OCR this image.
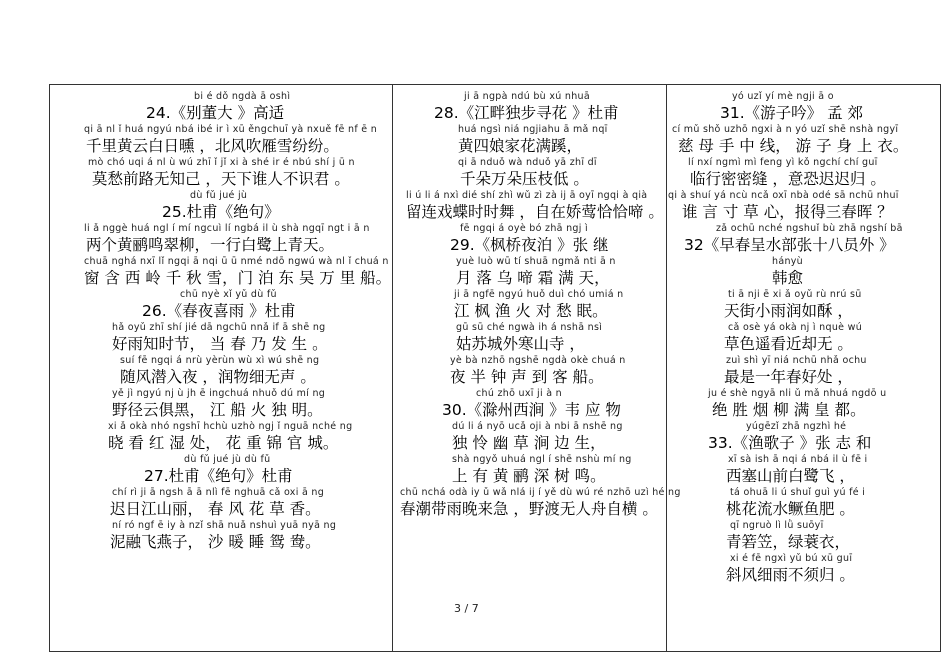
bi é dǒ ngdà ā oshì
24.《别董大 》高适
qi ā nl ǐ huá ngyú nbá ibé ir ì xū ěngchuī yà nxuě fē nf ē n
千里黄云白日曛 ，北风吹雁雪纷纷。
mò chó uqi á nl ù wú zhī ǐ jǐ xi à shé ir é nbú shí j ū n
莫愁前路无知己 ，天下谁人不识君 。
dù fǔ jué jù
25.杜甫《绝句》
li ǎ nggè huá ngl í mí ngcuì lí ngbá il ù shà ngqī ngt i ā n
两个黄鹂鸣翠柳，一行白鹭上青天。
chuā nghá nxī lǐ ngqi ā nqi ū ū nmé ndō ngwú wà nl ǐ chuá n
窗 含 西 岭 千 秋 雪，门 泊 东 吴 万 里 船。
chū nyè xǐ yǔ dù fǔ
26.《春夜喜雨 》杜甫
hǎ oyǔ zhī shí jié dā ngchū nnǎ if ā shē ng
好雨知时节， 当 春 乃 发 生 。
suí fē ngqi á nrù yèrùn wù xì wú shē ng
随风潜入夜 ，润物细无声 。
yě jì ngyú nj ù jh ē ingchuá nhuǒ dú mí ng
野径云俱黑， 江 船 火 独 明。
xi ǎ okà nhó ngshī hchù uzhò ngj ǐ nguā nché ng
晓 看 红 湿 处， 花 重 锦 官 城。
dù fǔ jué jù dù fǔ
27.杜甫《绝句》杜甫
chí rì ji ā ngsh ā ā nlì fē nghuā cǎ oxi ā ng
迟日江山丽， 春 风 花 草 香。
ní ró ngf ē iy à nzǐ shā nuǎ nshuì yuā nyā ng
泥融飞燕子， 沙 暖 睡 鸳 鸯。
ji ā ngpà ndú bù xú nhuā
28.《江畔独步寻花 》杜甫
huá ngsì niá ngjiahu ā mǎ nqī
黄四娘家花满蹊，
qi ā nduǒ wà nduǒ yā zhī dī
千朵万朵压枝低 。
li ú li á nxì dié shí zhì wǔ zì zà ij ā oyī ngqi à qià
留连戏蝶时时舞 ，自在娇莺恰恰啼 。
fē ngqi á oyè bó zhā ngj ì
29.《枫桥夜泊 》张 继
yuè luò wū tí shuā ngmǎ nti ā n
月 落 乌 啼 霜 满 天，
ji ā ngfē ngyú huǒ duì chó umiá n
江 枫 渔 火 对 愁 眠。
gū sū ché ngwà ih á nshā nsì
姑苏城外寒山寺 ，
yè bà nzhō ngshē ngdà okè chuá n
夜 半 钟 声 到 客 船。
chú zhō uxī ji à n
30.《滁州西涧 》韦 应 物
dú li á nyō ucǎ oji à nbi ā nshē ng
独 怜 幽 草 涧 边 生，
shà ngyǒ uhuá ngl í shē nshù mí ng
上 有 黄 鹂 深 树 鸣。
chū nchá odà iy ǔ wǎ nlá ij í yě dù wú ré nzhō uzì hé ng
春潮带雨晚来急 ，野渡无人舟自横 。
yó uzǐ yí mè ngji ā o
31.《游子吟》 孟 郊
cí mǔ shǒ uzhō ngxi à n yó uzǐ shē nshà ngyī
慈 母 手 中 线， 游 子 身 上 衣。
lí nxí ngmì mì feng yì kǒ ngchí chí guī
临行密密缝 ，意恐迟迟归 。
qi à shuí yá ncù ncǎ oxī nbà odé sā nchū nhuī
谁 言 寸 草 心，报得三春晖 ？
zǎ ochū nché ngshuǐ bù zhā ngshí bā
32《早春呈水部张十八员外 》
hányù
韩愈
ti ā nji ē xi ǎ oyǔ rù nrú sū
天街小雨润如酥 ，
cǎ osè yá okà nj ì nquè wú
草色遥看近却无 。
zuì shì yī niá nchū nhǎ ochu
最是一年春好处 ，
ju é shè ngyā nli ǔ mǎ nhuá ngdō u
绝 胜 烟 柳 满 皇 都。
yúgēzǐ zhā ngzhì hé
33.《渔歌子 》张 志 和
xī sà ish ā nqi á nbá il ù fē i
西塞山前白鹭飞 ，
tá ohuā li ú shuǐ guì yú fé i
桃花流水鳜鱼肥 。
qī ngruò lì lǜ suōyī
青箬笠，绿蓑衣，
xi é fē ngxì yǔ bú xū guī
斜风细雨不须归 。
3 / 7
